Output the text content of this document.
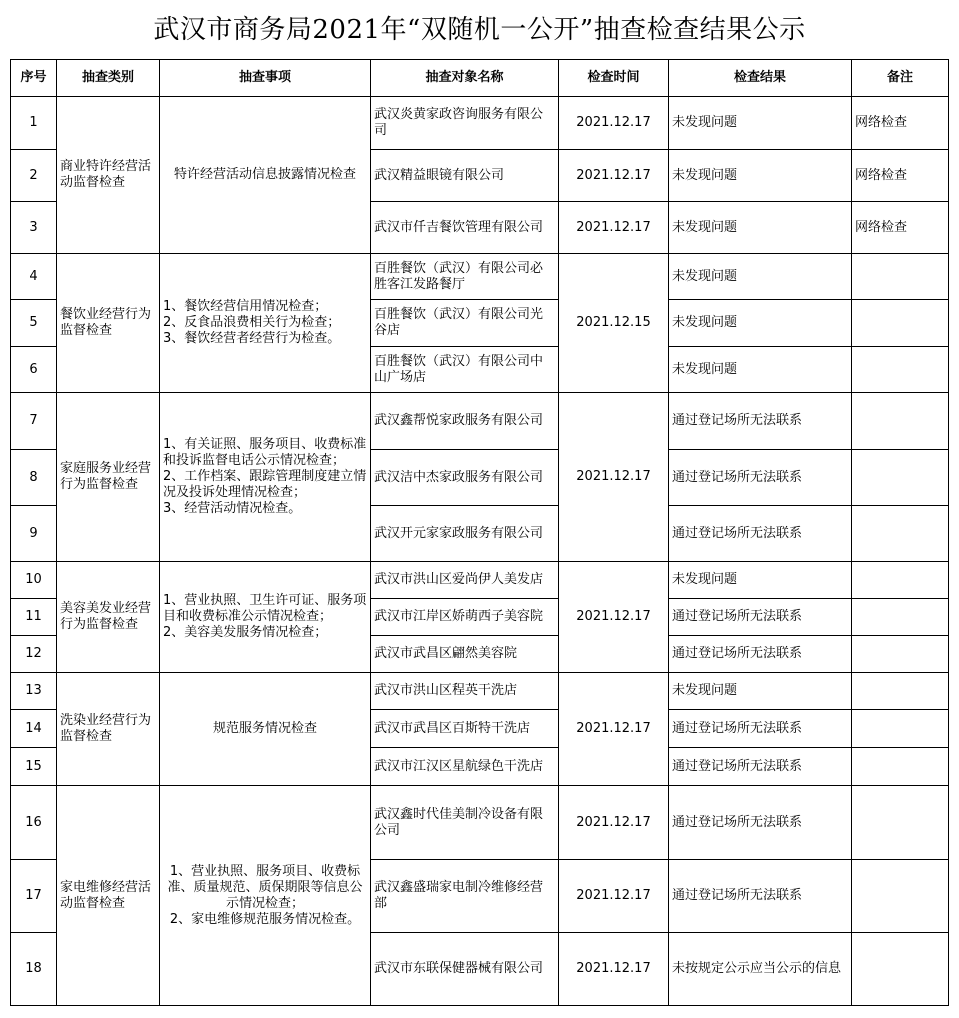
武汉市商务局2021年“双随机一公开”抽查检查结果公示
序号	抽查类别	抽查事项	抽查对象名称	检查时间	检查结果	备注
1	商业特许经营活动监督检查	特许经营活动信息披露情况检查	武汉炎黄家政咨询服务有限公司	2021.12.17	未发现问题	网络检查
2			武汉精益眼镜有限公司	2021.12.17	未发现问题	网络检查
3			武汉市仟吉餐饮管理有限公司	2021.12.17	未发现问题	网络检查
4	餐饮业经营行为监督检查	1、餐饮经营信用情况检查；
2、反食品浪费相关行为检查；
3、餐饮经营者经营行为检查。	百胜餐饮（武汉）有限公司必胜客江发路餐厅	2021.12.15	未发现问题	
5			百胜餐饮（武汉）有限公司光谷店		未发现问题	
6			百胜餐饮（武汉）有限公司中山广场店		未发现问题	
7	家庭服务业经营行为监督检查	1、有关证照、服务项目、收费标准和投诉监督电话公示情况检查；
2、工作档案、跟踪管理制度建立情况及投诉处理情况检查；
3、经营活动情况检查。	武汉鑫帮悦家政服务有限公司	2021.12.17	通过登记场所无法联系	
8			武汉洁中杰家政服务有限公司		通过登记场所无法联系	
9			武汉开元家家政服务有限公司		通过登记场所无法联系	
10	美容美发业经营行为监督检查	1、营业执照、卫生许可证、服务项目和收费标准公示情况检查；
2、美容美发服务情况检查；	武汉市洪山区爱尚伊人美发店	2021.12.17	未发现问题	
11			武汉市江岸区娇萌西子美容院		通过登记场所无法联系	
12			武汉市武昌区翩然美容院		通过登记场所无法联系	
13	洗染业经营行为监督检查	规范服务情况检查	武汉市洪山区程英干洗店	2021.12.17	未发现问题	
14			武汉市武昌区百斯特干洗店		通过登记场所无法联系	
15			武汉市江汉区星航绿色干洗店		通过登记场所无法联系	
16	家电维修经营活动监督检查	1、营业执照、服务项目、收费标准、质量规范、质保期限等信息公示情况检查；
2、家电维修规范服务情况检查。	武汉鑫时代佳美制冷设备有限公司	2021.12.17	通过登记场所无法联系	
17			武汉鑫盛瑞家电制冷维修经营部	2021.12.17	通过登记场所无法联系	
18			武汉市东联保健器械有限公司	2021.12.17	未按规定公示应当公示的信息	
